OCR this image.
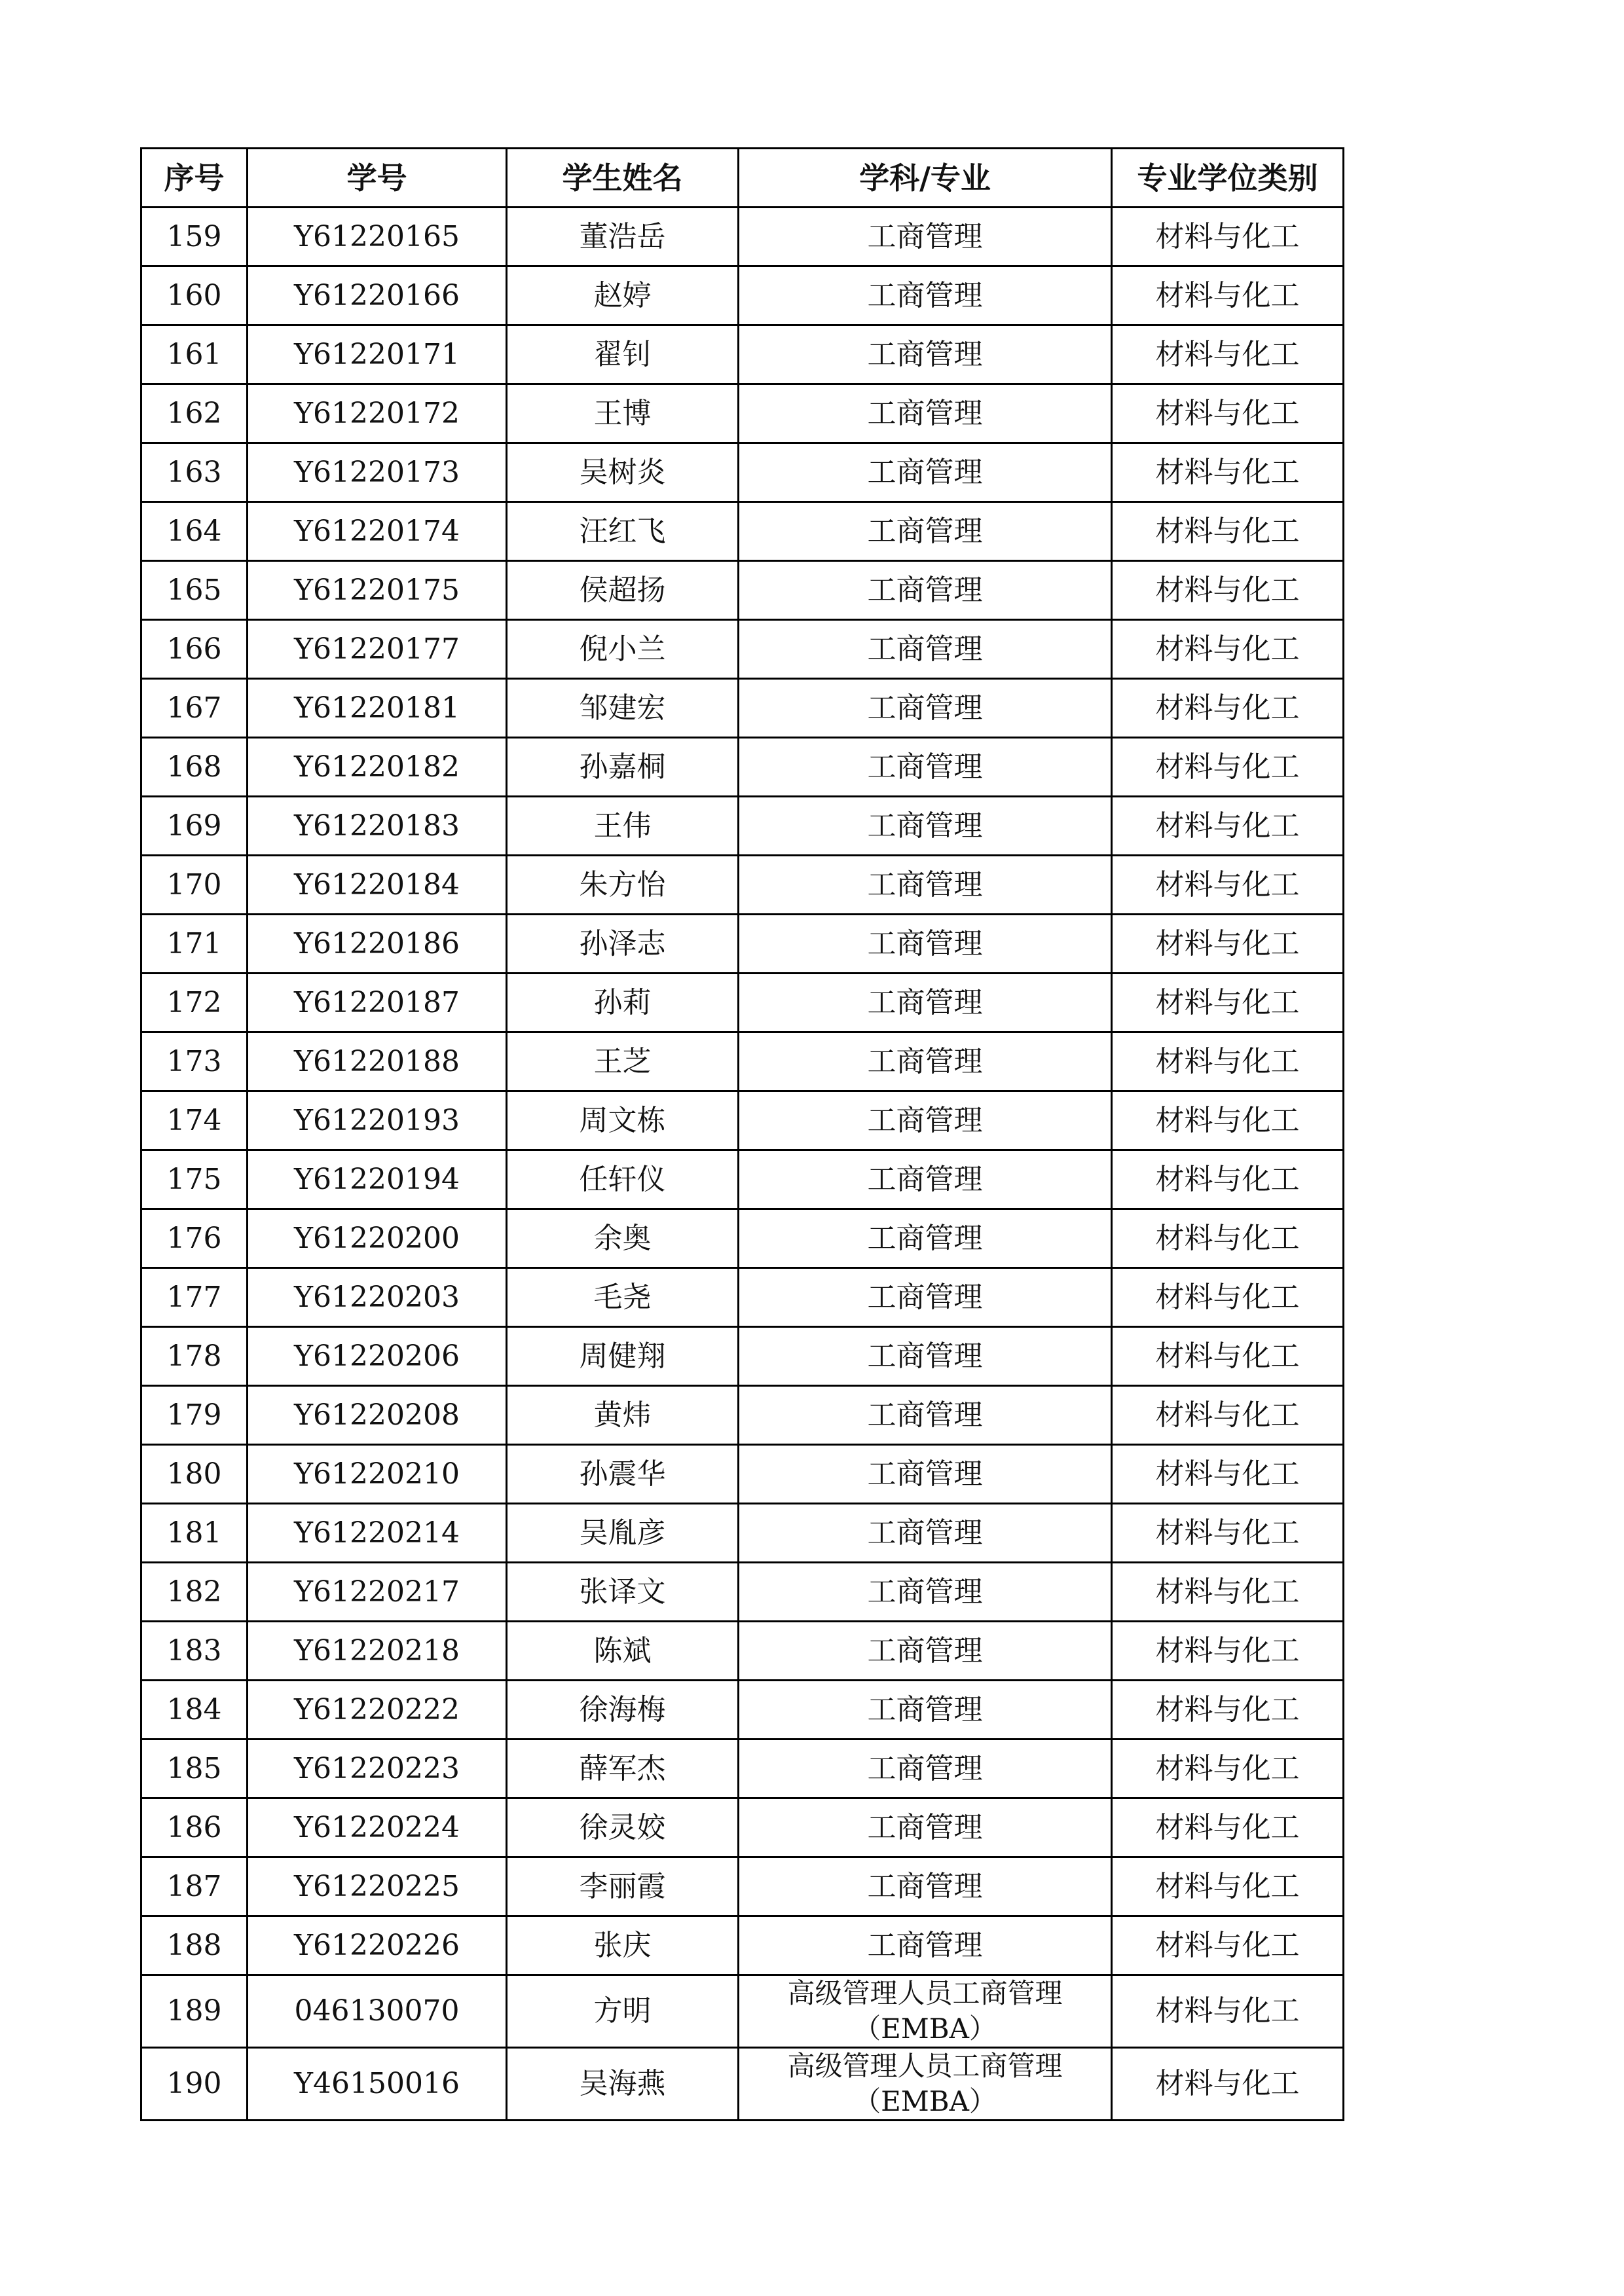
序号	学号	学生姓名	学科/专业	专业学位类别
159	Y61220165	董浩岳	工商管理	材料与化工
160	Y61220166	赵婷	工商管理	材料与化工
161	Y61220171	翟钊	工商管理	材料与化工
162	Y61220172	王博	工商管理	材料与化工
163	Y61220173	吴树炎	工商管理	材料与化工
164	Y61220174	汪红飞	工商管理	材料与化工
165	Y61220175	侯超扬	工商管理	材料与化工
166	Y61220177	倪小兰	工商管理	材料与化工
167	Y61220181	邹建宏	工商管理	材料与化工
168	Y61220182	孙嘉桐	工商管理	材料与化工
169	Y61220183	王伟	工商管理	材料与化工
170	Y61220184	朱方怡	工商管理	材料与化工
171	Y61220186	孙泽志	工商管理	材料与化工
172	Y61220187	孙莉	工商管理	材料与化工
173	Y61220188	王芝	工商管理	材料与化工
174	Y61220193	周文栋	工商管理	材料与化工
175	Y61220194	任轩仪	工商管理	材料与化工
176	Y61220200	余奥	工商管理	材料与化工
177	Y61220203	毛尧	工商管理	材料与化工
178	Y61220206	周健翔	工商管理	材料与化工
179	Y61220208	黄炜	工商管理	材料与化工
180	Y61220210	孙震华	工商管理	材料与化工
181	Y61220214	吴胤彦	工商管理	材料与化工
182	Y61220217	张译文	工商管理	材料与化工
183	Y61220218	陈斌	工商管理	材料与化工
184	Y61220222	徐海梅	工商管理	材料与化工
185	Y61220223	薛军杰	工商管理	材料与化工
186	Y61220224	徐灵姣	工商管理	材料与化工
187	Y61220225	李丽霞	工商管理	材料与化工
188	Y61220226	张庆	工商管理	材料与化工
189	046130070	方明	高级管理人员工商管理（EMBA）	材料与化工
190	Y46150016	吴海燕	高级管理人员工商管理（EMBA）	材料与化工
